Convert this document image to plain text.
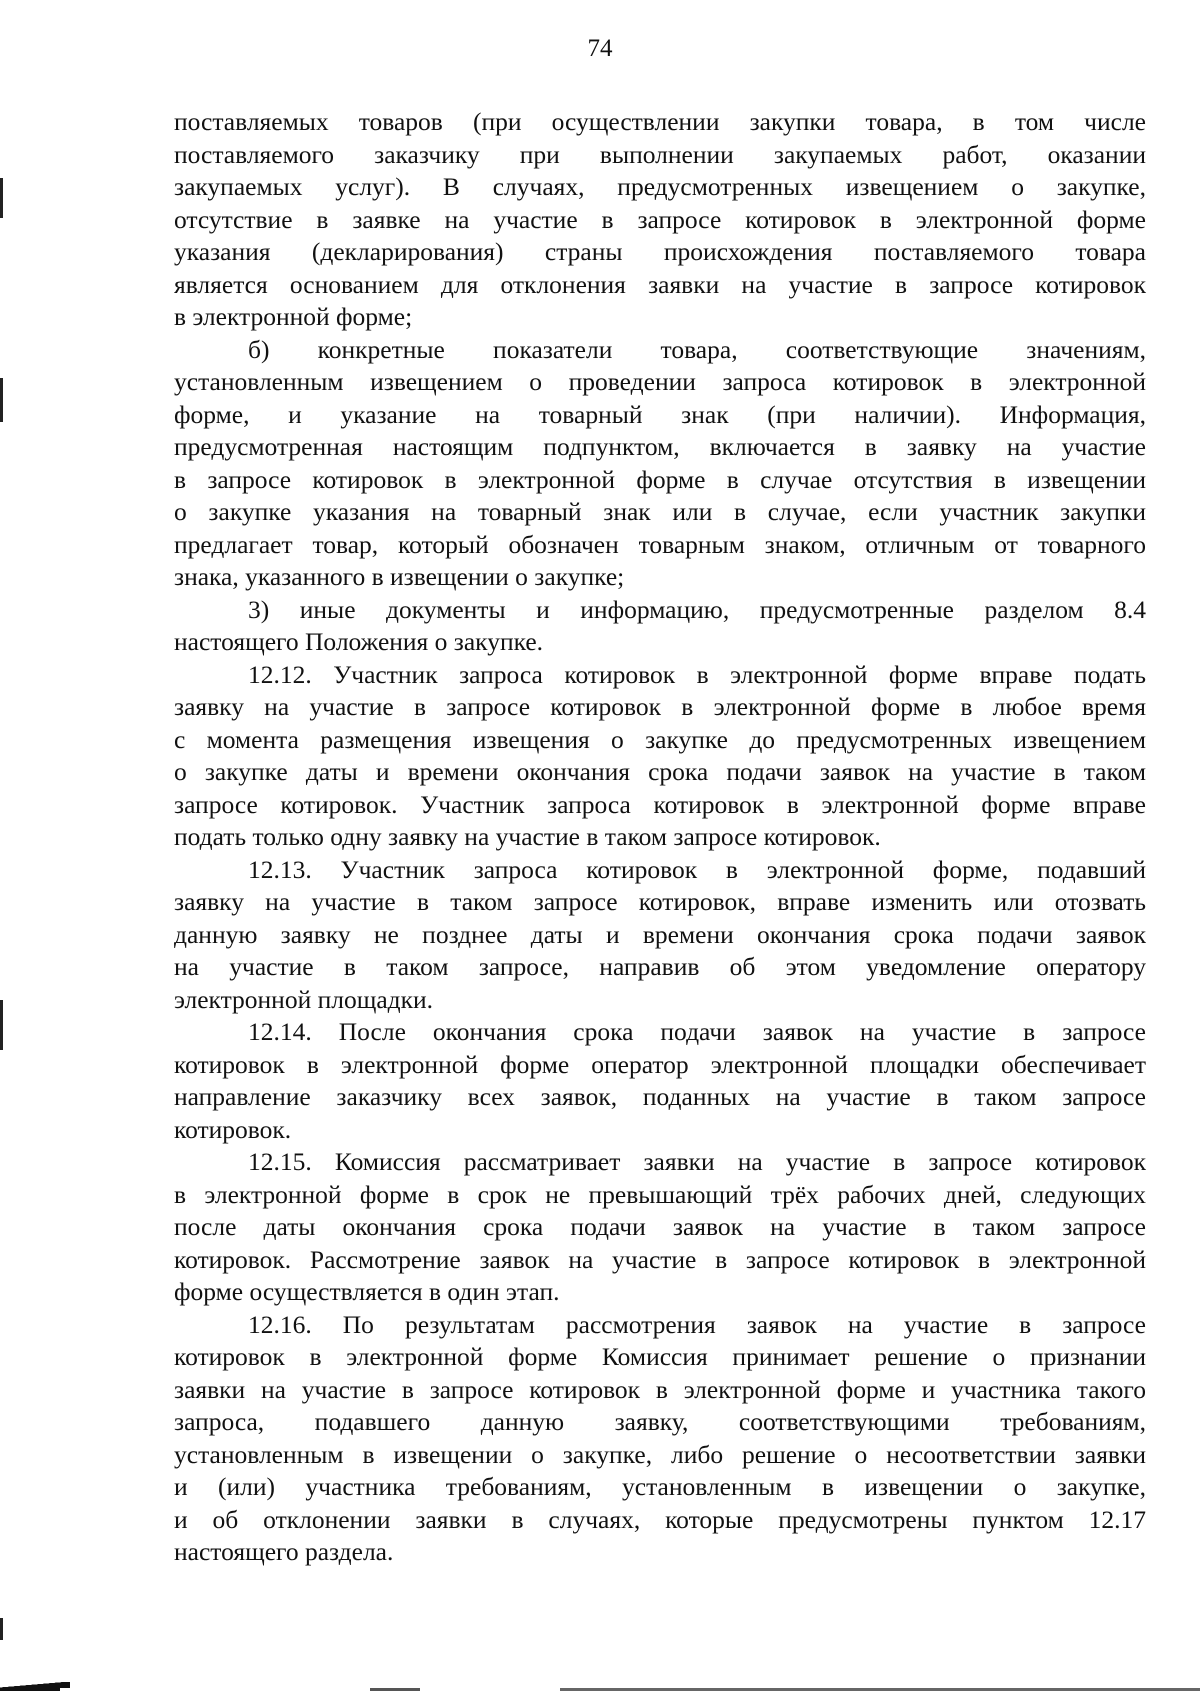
74

поставляемых товаров (при осуществлении закупки товара, в том числе
поставляемого заказчику при выполнении закупаемых работ, оказании
закупаемых услуг). В случаях, предусмотренных извещением о закупке,
отсутствие в заявке на участие в запросе котировок в электронной форме
указания (декларирования) страны происхождения поставляемого товара
является основанием для отклонения заявки на участие в запросе котировок
в электронной форме;

б) конкретные показатели товара, соответствующие значениям,
установленным извещением о проведении запроса котировок в электронной
форме, и указание на товарный знак (при наличии). Информация,
предусмотренная настоящим подпунктом, включается в заявку на участие
в запросе котировок в электронной форме в случае отсутствия в извещении
о закупке указания на товарный знак или в случае, если участник закупки
предлагает товар, который обозначен товарным знаком, отличным от товарного
знака, указанного в извещении о закупке;

3) иные документы и информацию, предусмотренные разделом 8.4
настоящего Положения о закупке.

12.12. Участник запроса котировок в электронной форме вправе подать
заявку на участие в запросе котировок в электронной форме в любое время
с момента размещения извещения о закупке до предусмотренных извещением
о закупке даты и времени окончания срока подачи заявок на участие в таком
запросе котировок. Участник запроса котировок в электронной форме вправе
подать только одну заявку на участие в таком запросе котировок.

12.13. Участник запроса котировок в электронной форме, подавший
заявку на участие в таком запросе котировок, вправе изменить или отозвать
данную заявку не позднее даты и времени окончания срока подачи заявок
на участие в таком запросе, направив об этом уведомление оператору
электронной площадки.

12.14. После окончания срока подачи заявок на участие в запросе
котировок в электронной форме оператор электронной площадки обеспечивает
направление заказчику всех заявок, поданных на участие в таком запросе
котировок.

12.15. Комиссия рассматривает заявки на участие в запросе котировок
в электронной форме в срок не превышающий трёх рабочих дней, следующих
после даты окончания срока подачи заявок на участие в таком запросе
котировок. Рассмотрение заявок на участие в запросе котировок в электронной
форме осуществляется в один этап.

12.16. По результатам рассмотрения заявок на участие в запросе
котировок в электронной форме Комиссия принимает решение о признании
заявки на участие в запросе котировок в электронной форме и участника такого
запроса, подавшего данную заявку, соответствующими требованиям,
установленным в извещении о закупке, либо решение о несоответствии заявки
и (или) участника требованиям, установленным в извещении о закупке,
и об отклонении заявки в случаях, которые предусмотрены пунктом 12.17
настоящего раздела.
